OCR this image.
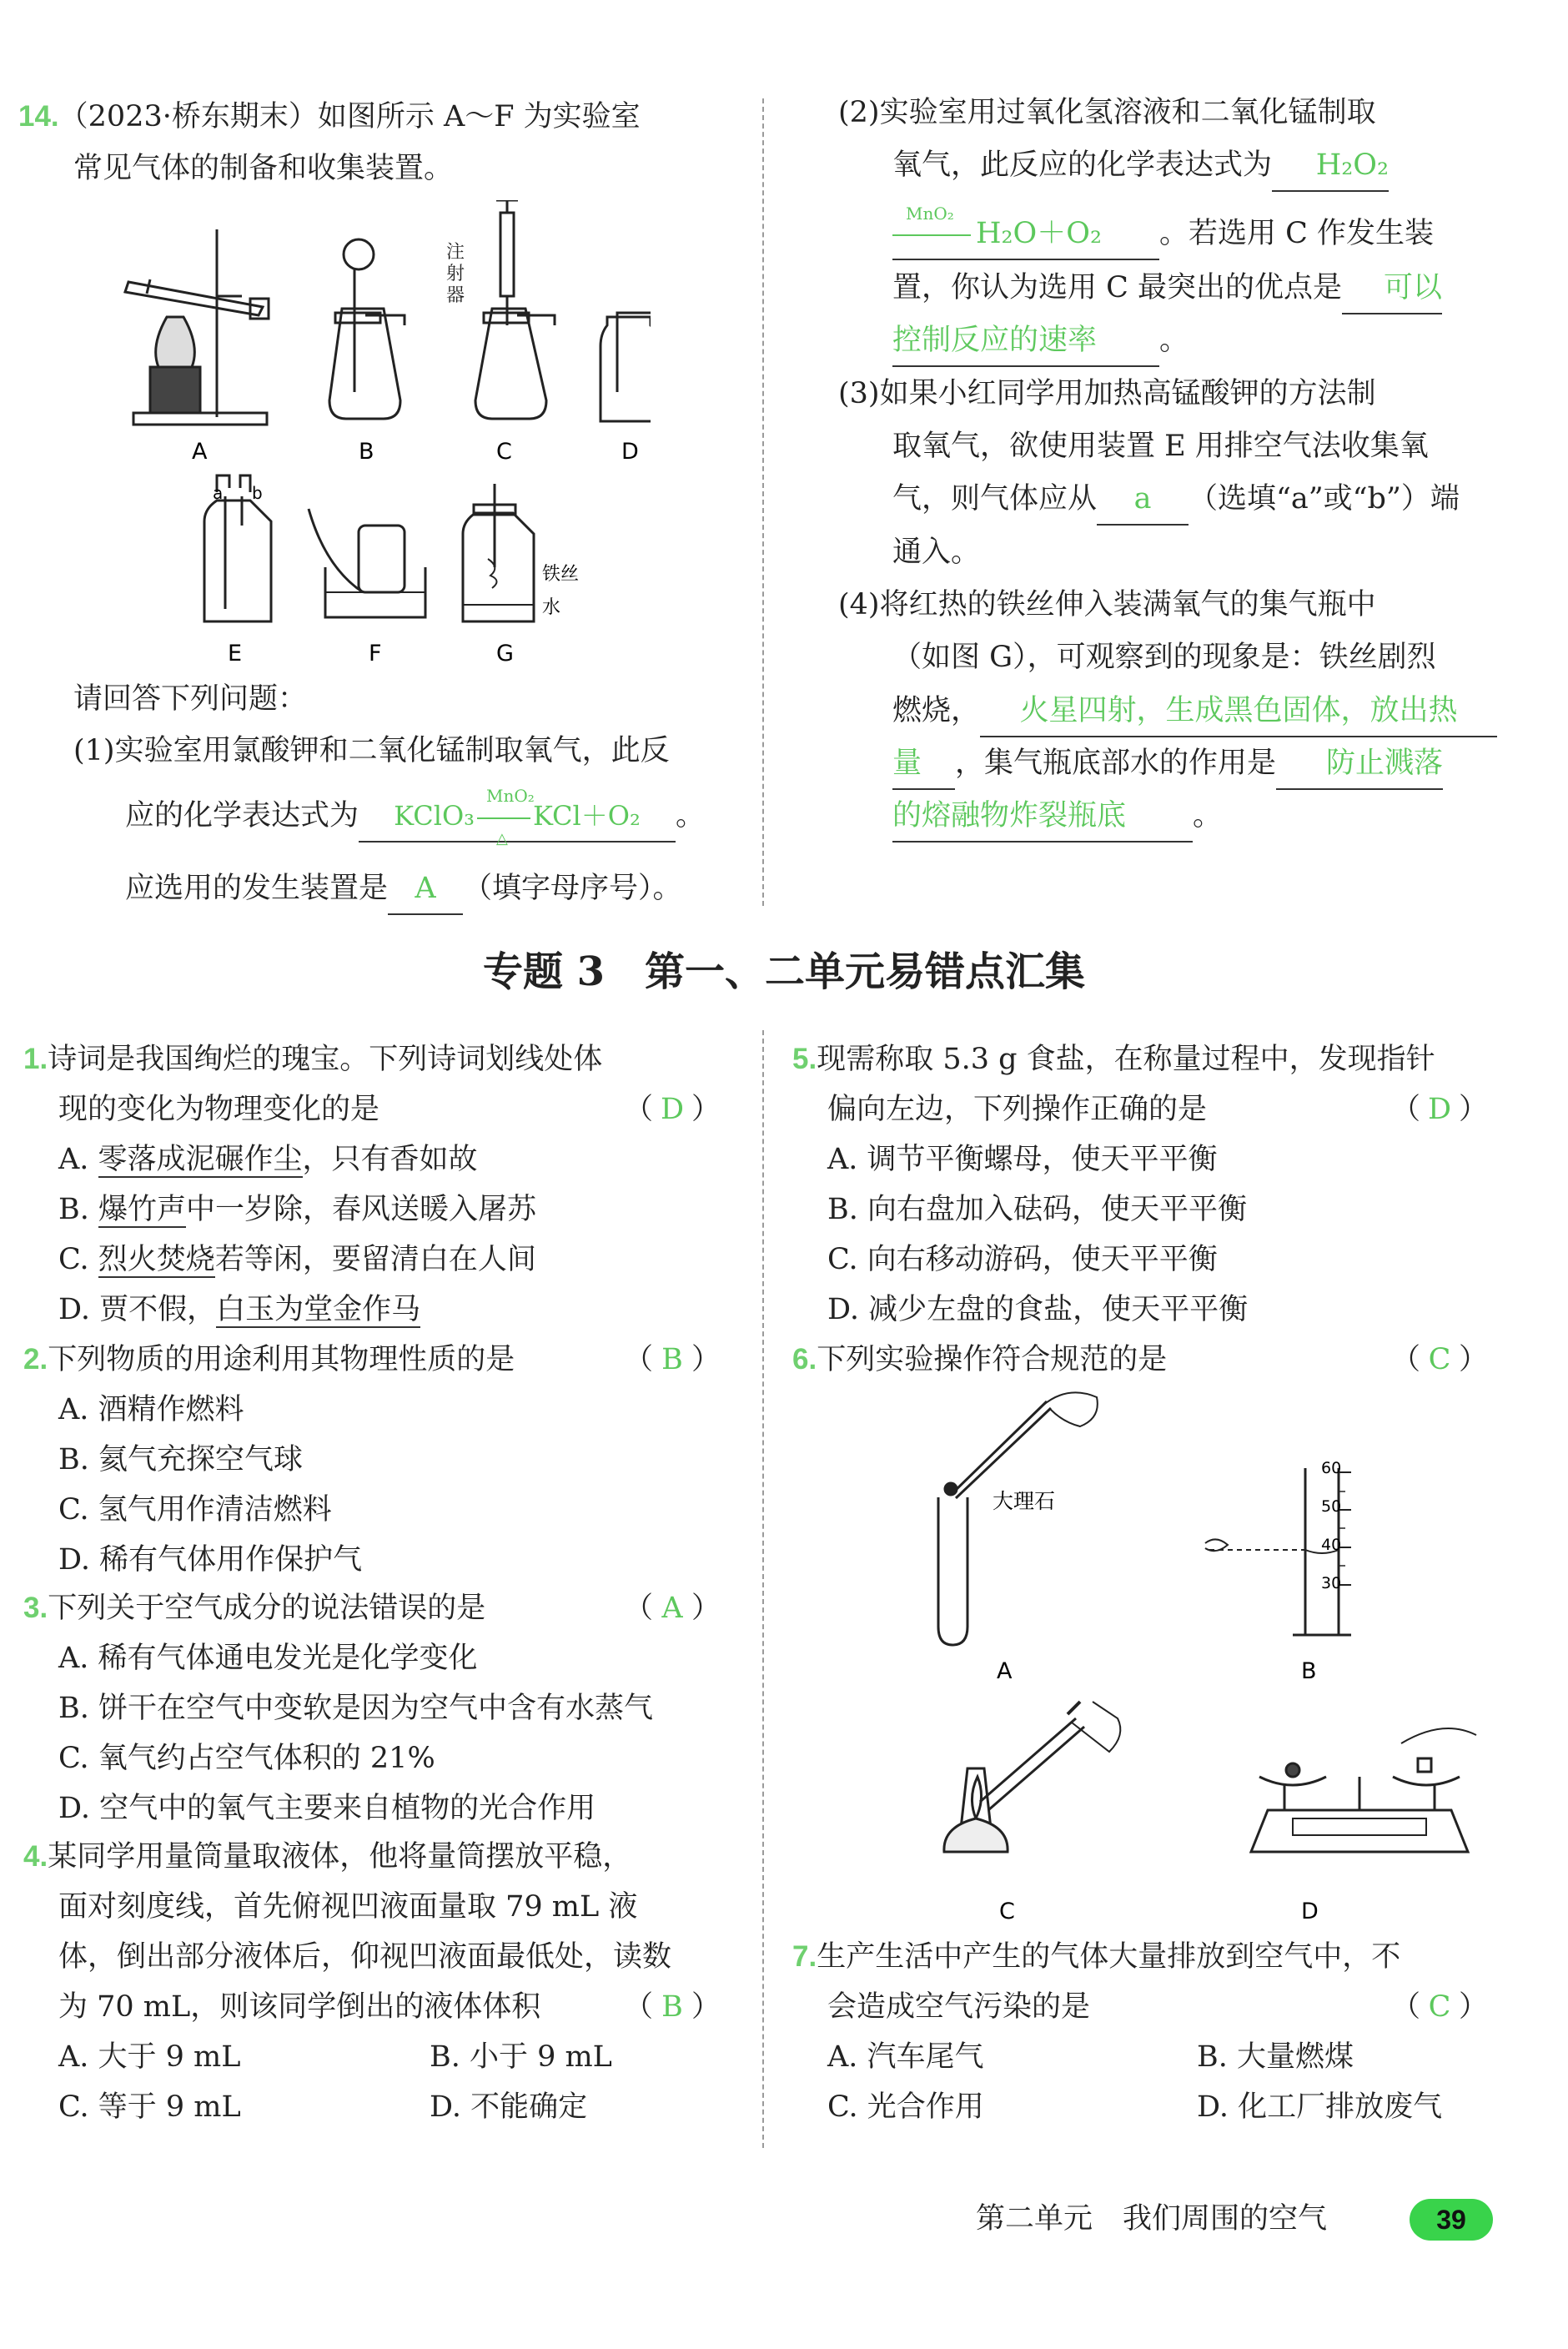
14.（2023·桥东期末）如图所示 A～F 为实验室
常见气体的制备和收集装置。
A	B	C	D
E	F	G
a b
铁丝
水
注射器
请回答下列问题：
(1)实验室用氯酸钾和二氧化锰制取氧气，此反
应的化学表达式为 KClO₃
MnO₂
△
KCl＋O₂ 。
应选用的发生装置是 A （填字母序号）。
(2)实验室用过氧化氢溶液和二氧化锰制取
氧气，此反应的化学表达式为 H₂O₂
MnO₂
H₂O＋O₂ 。若选用 C 作发生装
置，你认为选用 C 最突出的优点是 可以
控制反应的速率 。
(3)如果小红同学用加热高锰酸钾的方法制
取氧气，欲使用装置 E 用排空气法收集氧
气，则气体应从 a （选填“a”或“b”）端
通入。
(4)将红热的铁丝伸入装满氧气的集气瓶中
（如图 G），可观察到的现象是：铁丝剧烈
燃烧， 火星四射，生成黑色固体，放出热
量 ，集气瓶底部水的作用是 防止溅落
的熔融物炸裂瓶底 。
专题 3　第一、二单元易错点汇集
1.诗词是我国绚烂的瑰宝。下列诗词划线处体
现的变化为物理变化的是	（ D ）
A. 零落成泥碾作尘，只有香如故
B. 爆竹声中一岁除，春风送暖入屠苏
C. 烈火焚烧若等闲，要留清白在人间
D. 贾不假，白玉为堂金作马
2.下列物质的用途利用其物理性质的是	（ B ）
A. 酒精作燃料
B. 氦气充探空气球
C. 氢气用作清洁燃料
D. 稀有气体用作保护气
3.下列关于空气成分的说法错误的是	（ A ）
A. 稀有气体通电发光是化学变化
B. 饼干在空气中变软是因为空气中含有水蒸气
C. 氧气约占空气体积的 21%
D. 空气中的氧气主要来自植物的光合作用
4.某同学用量筒量取液体，他将量筒摆放平稳，
面对刻度线，首先俯视凹液面量取 79 mL 液
体，倒出部分液体后，仰视凹液面最低处，读数
为 70 mL，则该同学倒出的液体体积	（ B ）
A. 大于 9 mL	B. 小于 9 mL
C. 等于 9 mL	D. 不能确定
5.现需称取 5.3 g 食盐，在称量过程中，发现指针
偏向左边，下列操作正确的是	（ D ）
A. 调节平衡螺母，使天平平衡
B. 向右盘加入砝码，使天平平衡
C. 向右移动游码，使天平平衡
D. 减少左盘的食盐，使天平平衡
6.下列实验操作符合规范的是	（ C ）
大理石
60
50
40
30
A	B
C	D
7.生产生活中产生的气体大量排放到空气中，不
会造成空气污染的是	（ C ）
A. 汽车尾气	B. 大量燃煤
C. 光合作用	D. 化工厂排放废气
第二单元 我们周围的空气	39
